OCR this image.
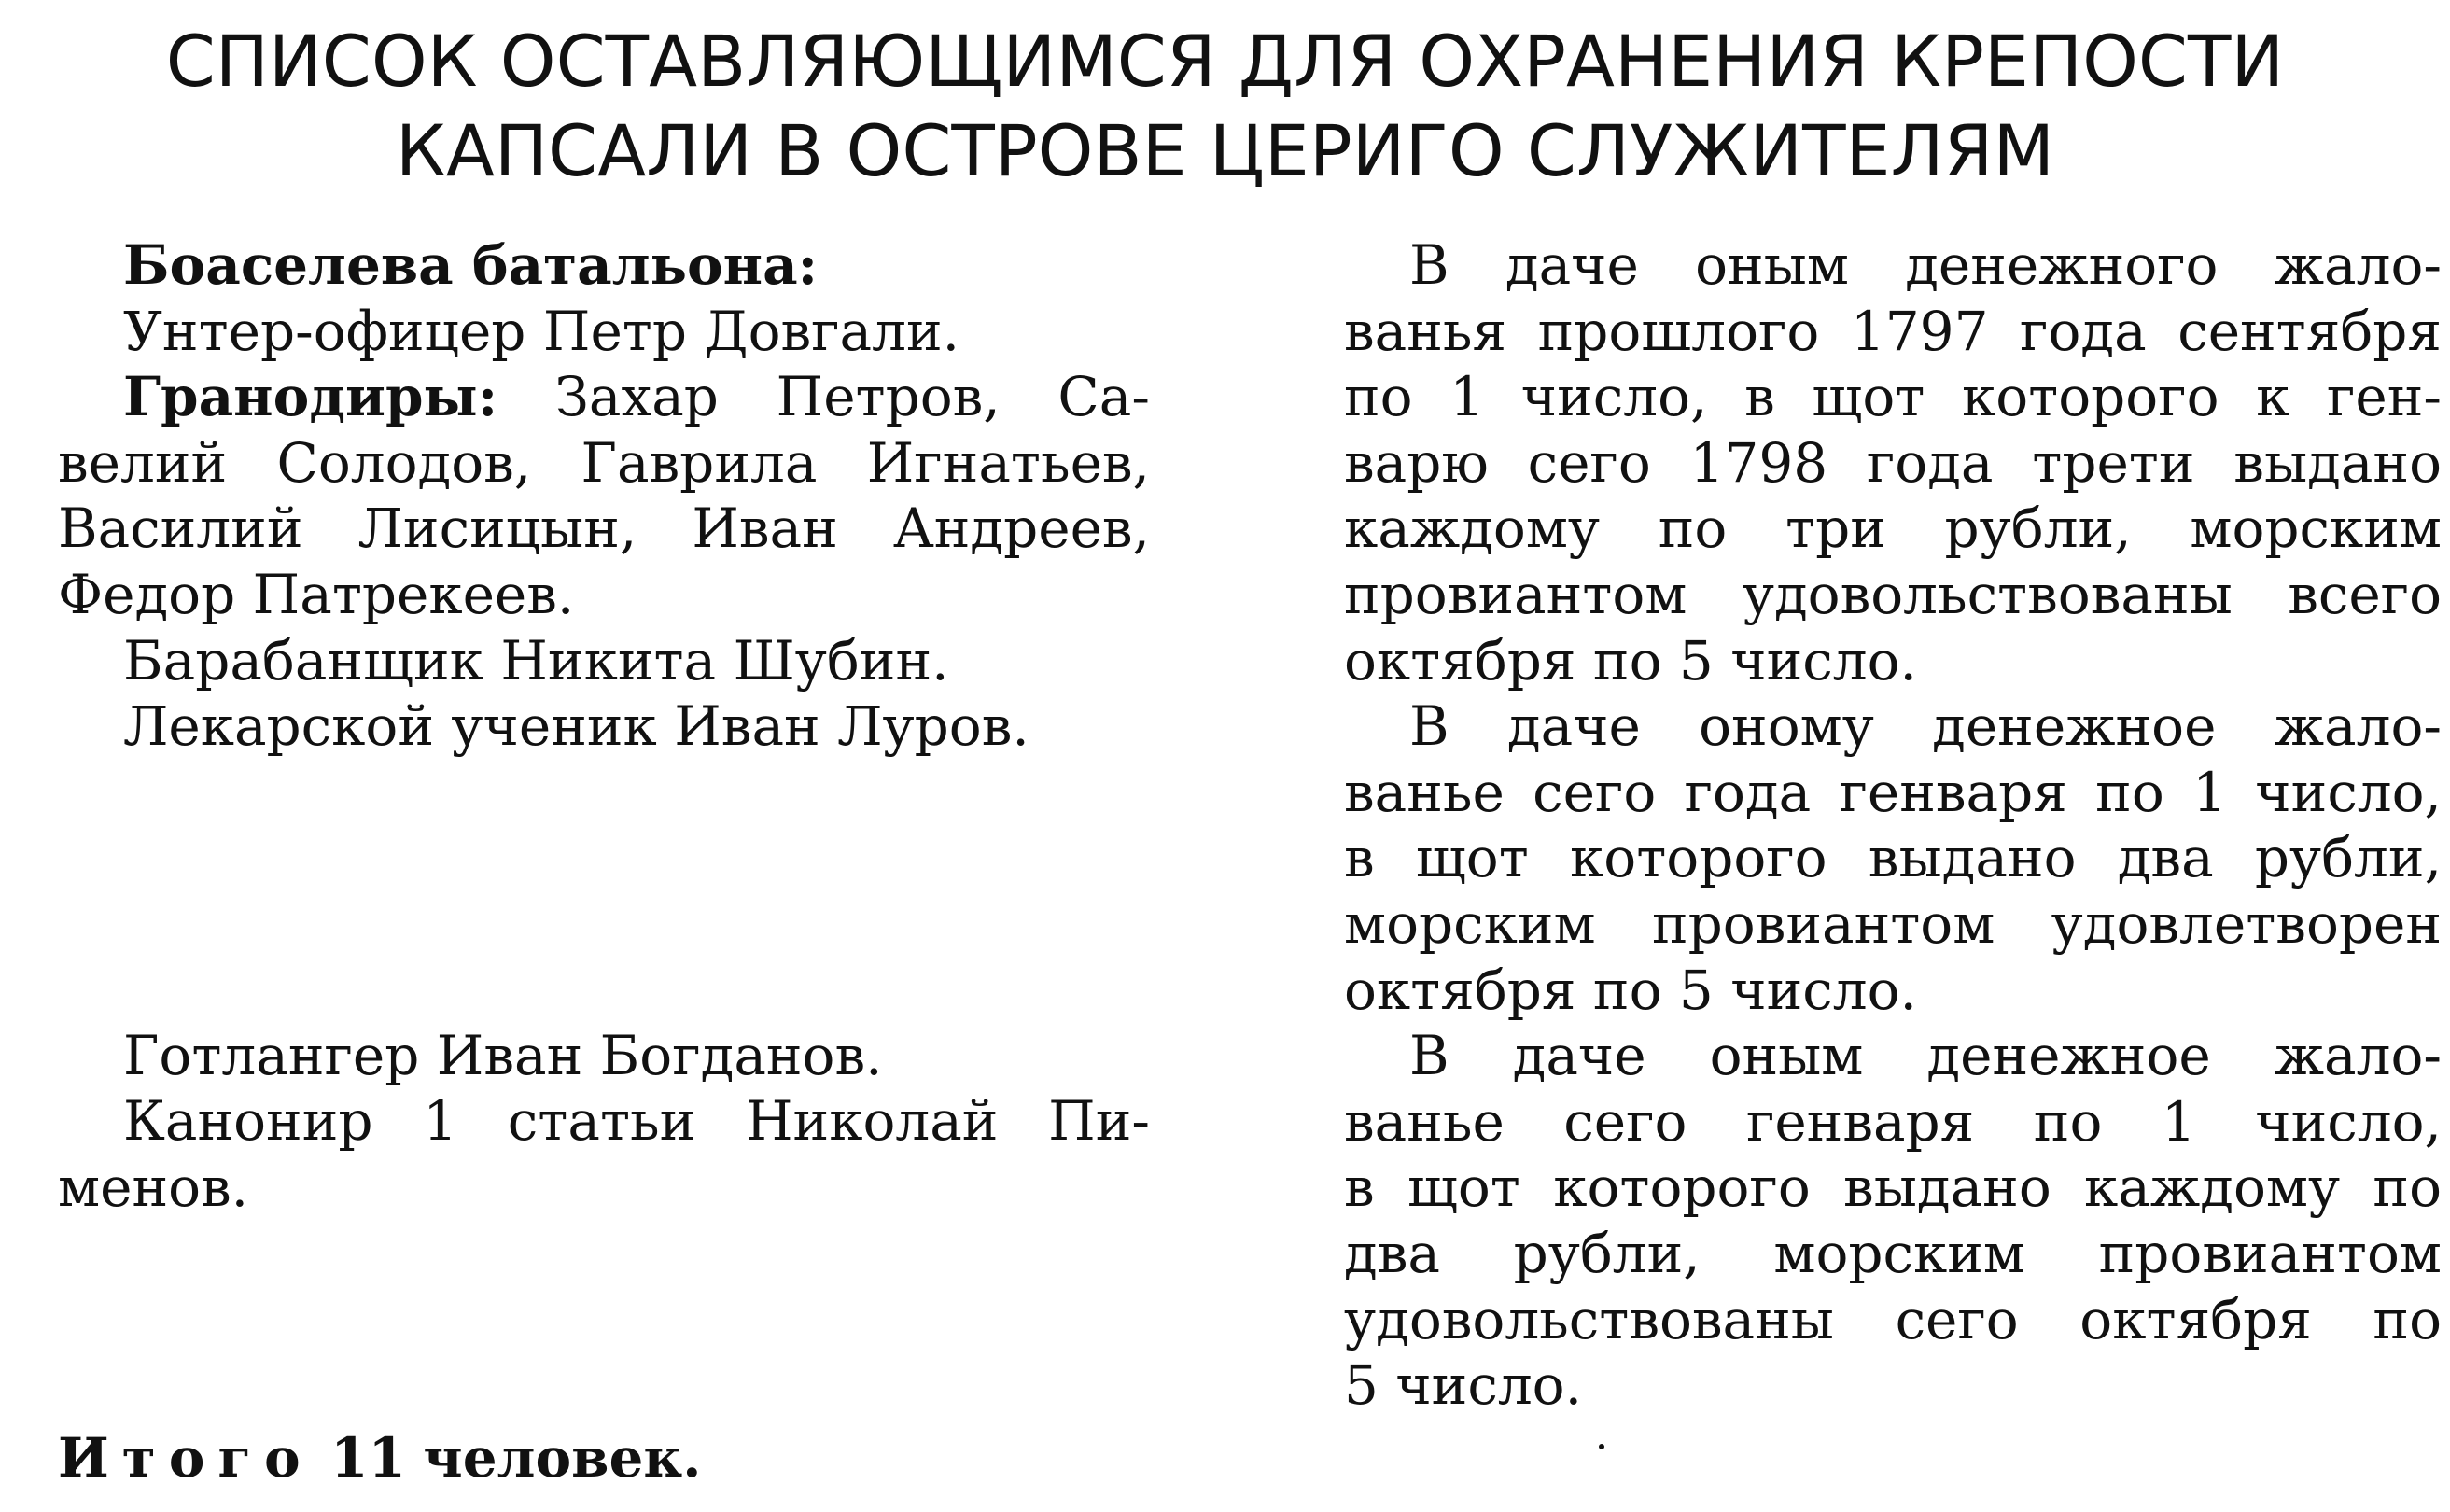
СПИСОК ОСТАВЛЯЮЩИМСЯ ДЛЯ ОХРАНЕНИЯ КРЕПОСТИ
КАПСАЛИ В ОСТРОВЕ ЦЕРИГО СЛУЖИТЕЛЯМ
Боаселева батальона:
Унтер-офицер Петр Довгали.
Гранодиры: Захар Петров, Са-
велий Солодов, Гаврила Игнатьев,
Василий Лисицын, Иван Андреев,
Федор Патрекеев.
Барабанщик Никита Шубин.
Лекарской ученик Иван Луров.
Готлангер Иван Богданов.
Канонир 1 статьи Николай Пи-
менов.
В даче оным денежного жало-
ванья прошлого 1797 года сентября
по 1 число, в щот которого к ген-
варю сего 1798 года трети выдано
каждому по три рубли, морским
провиантом удовольствованы всего
октября по 5 число.
В даче оному денежное жало-
ванье сего года генваря по 1 число,
в щот которого выдано два рубли,
морским провиантом удовлетворен
октября по 5 число.
В даче оным денежное жало-
ванье сего генваря по 1 число,
в щот которого выдано каждому по
два рубли, морским провиантом
удовольствованы сего октября по
5 число.
Итого 11 человек.
